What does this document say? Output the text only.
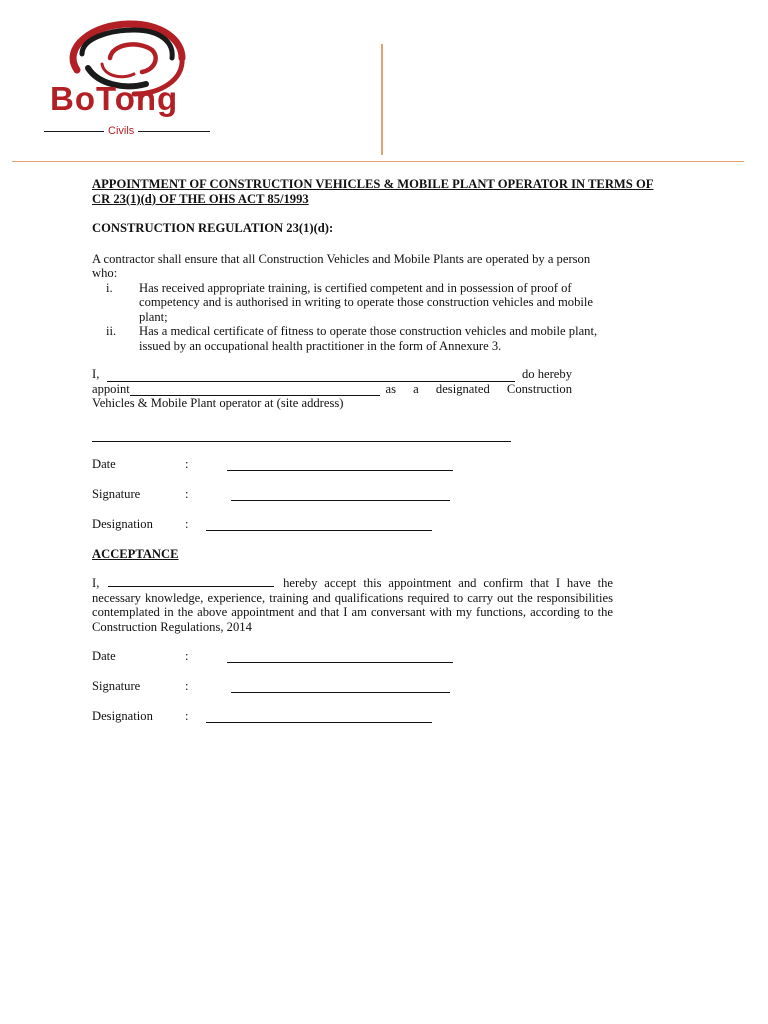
BoTong
Civils

APPOINTMENT OF CONSTRUCTION VEHICLES & MOBILE PLANT OPERATOR IN TERMS OF CR 23(1)(d) OF THE OHS ACT 85/1993

CONSTRUCTION REGULATION 23(1)(d):

A contractor shall ensure that all Construction Vehicles and Mobile Plants are operated by a person who:
i.	Has received appropriate training, is certified competent and in possession of proof of competency and is authorised in writing to operate those construction vehicles and mobile plant;
ii.	Has a medical certificate of fitness to operate those construction vehicles and mobile plant, issued by an occupational health practitioner in the form of Annexure 3.
I,	do hereby
appoint	as a designated Construction
Vehicles & Mobile Plant operator at (site address)
Date	:
Signature	:
Designation	:
ACCEPTANCE
I,	hereby accept this appointment and confirm that I have the necessary knowledge, experience, training and qualifications required to carry out the responsibilities contemplated in the above appointment and that I am conversant with my functions, according to the Construction Regulations, 2014
Date	:
Signature	:
Designation	:
